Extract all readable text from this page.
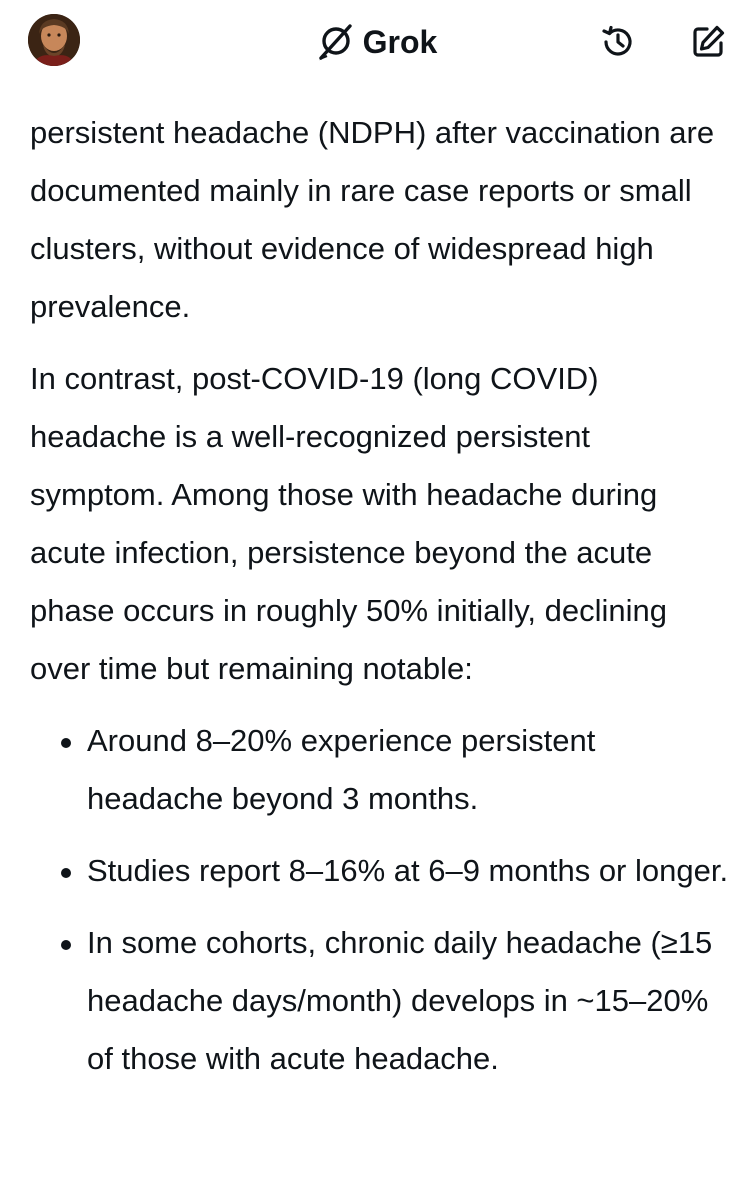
Grok

persistent headache (NDPH) after vaccination are documented mainly in rare case reports or small clusters, without evidence of widespread high prevalence.

In contrast, post-COVID-19 (long COVID) headache is a well-recognized persistent symptom. Among those with headache during acute infection, persistence beyond the acute phase occurs in roughly 50% initially, declining over time but remaining notable:

Around 8–20% experience persistent headache beyond 3 months.
Studies report 8–16% at 6–9 months or longer.
In some cohorts, chronic daily headache (≥15 headache days/month) develops in ~15–20% of those with acute headache.
